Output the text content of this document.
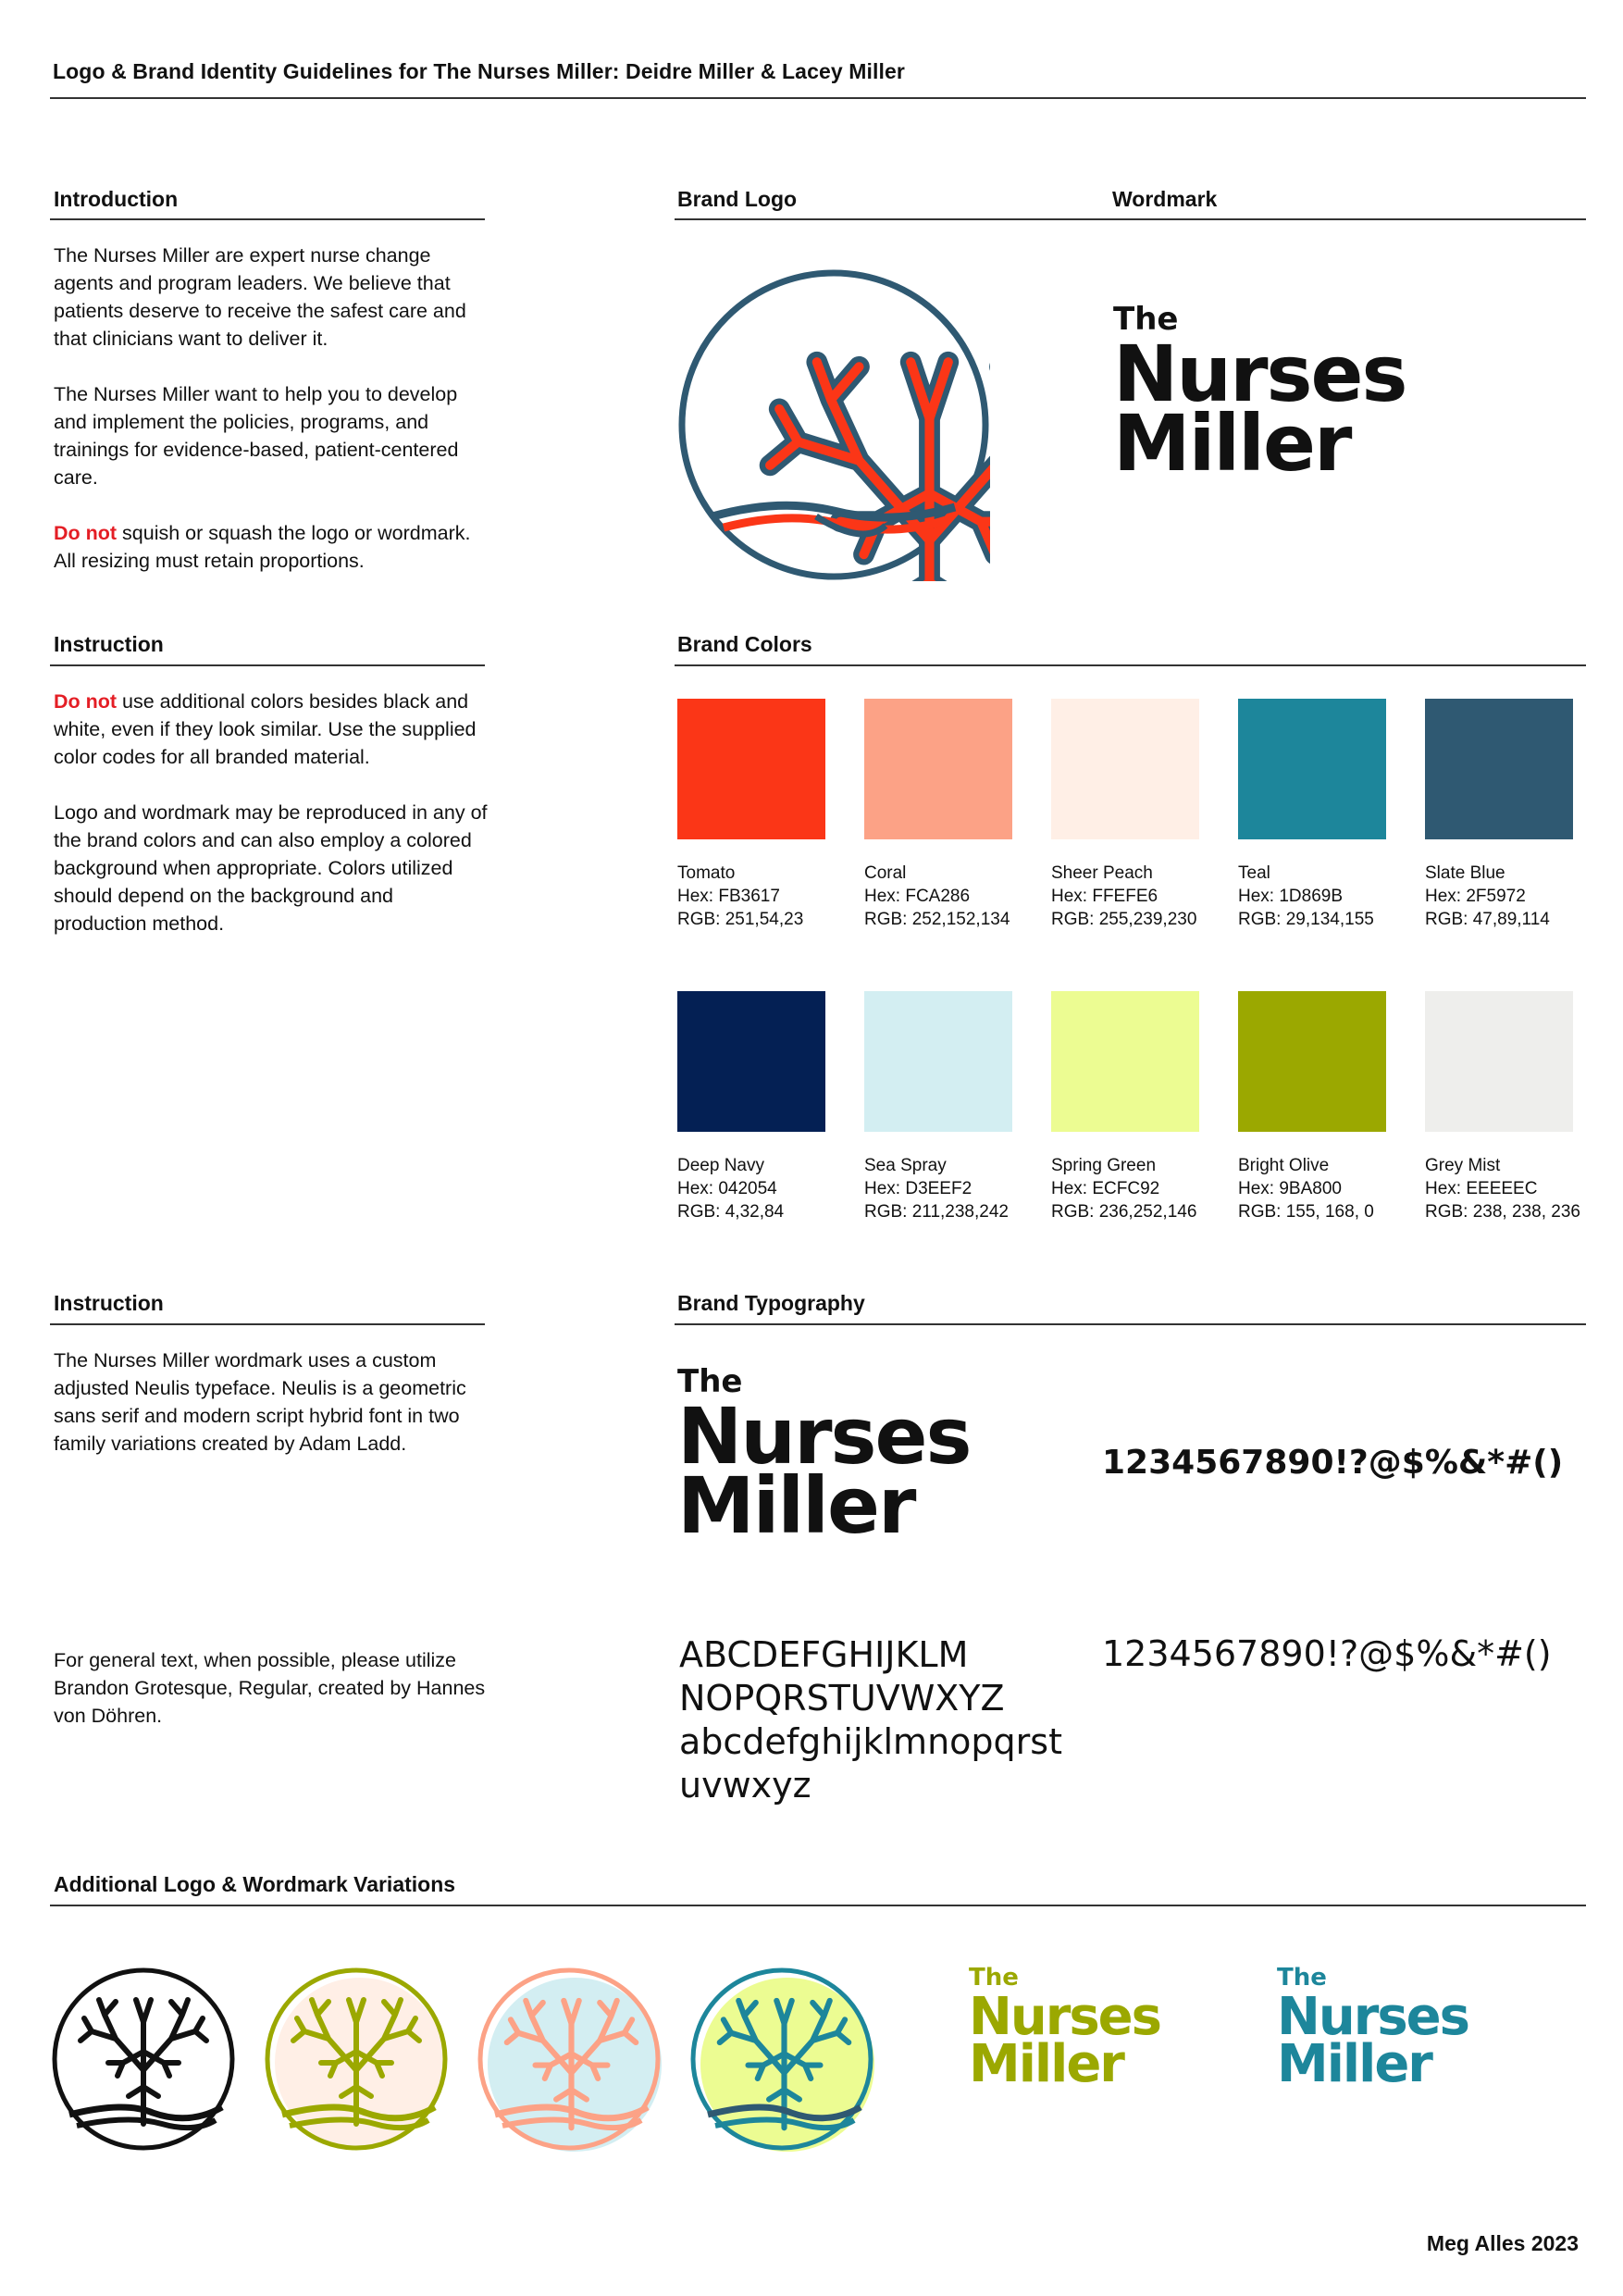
Logo & Brand Identity Guidelines for The Nurses Miller: Deidre Miller & Lacey Miller
Introduction

The Nurses Miller are expert nurse change agents and program leaders. We believe that patients deserve to receive the safest care and that clinicians want to deliver it.

The Nurses Miller want to help you to develop and implement the policies, programs, and trainings for evidence-based, patient-centered care.

Do not squish or squash the logo or wordmark. All resizing must retain proportions.

Brand Logo	Wordmark
The
Nurses
Miller
Instruction

Do not use additional colors besides black and white, even if they look similar. Use the supplied color codes for all branded material.

Logo and wordmark may be reproduced in any of the brand colors and can also employ a colored background when appropriate. Colors utilized should depend on the background and production method.

Brand Colors
Tomato
Hex: FB3617
RGB: 251,54,23
Coral
Hex: FCA286
RGB: 252,152,134
Sheer Peach
Hex: FFEFE6
RGB: 255,239,230
Teal
Hex: 1D869B
RGB: 29,134,155
Slate Blue
Hex: 2F5972
RGB: 47,89,114
Deep Navy
Hex: 042054
RGB: 4,32,84
Sea Spray
Hex: D3EEF2
RGB: 211,238,242
Spring Green
Hex: ECFC92
RGB: 236,252,146
Bright Olive
Hex: 9BA800
RGB: 155, 168, 0
Grey Mist
Hex: EEEEEC
RGB: 238, 238, 236
Instruction
The Nurses Miller wordmark uses a custom adjusted Neulis typeface. Neulis is a geometric sans serif and modern script hybrid font in two family variations created by Adam Ladd.
For general text, when possible, please utilize Brandon Grotesque, Regular, created by Hannes von Döhren.
Brand Typography
The
Nurses
Miller	1234567890!?@$%&*#()
ABCDEFGHIJKLM
NOPQRSTUVWXYZ
abcdefghijklmnopqrst
uvwxyz
1234567890!?@$%&*#()
Additional Logo & Wordmark Variations
The
Nurses
Miller
The
Nurses
Miller
Meg Alles 2023
